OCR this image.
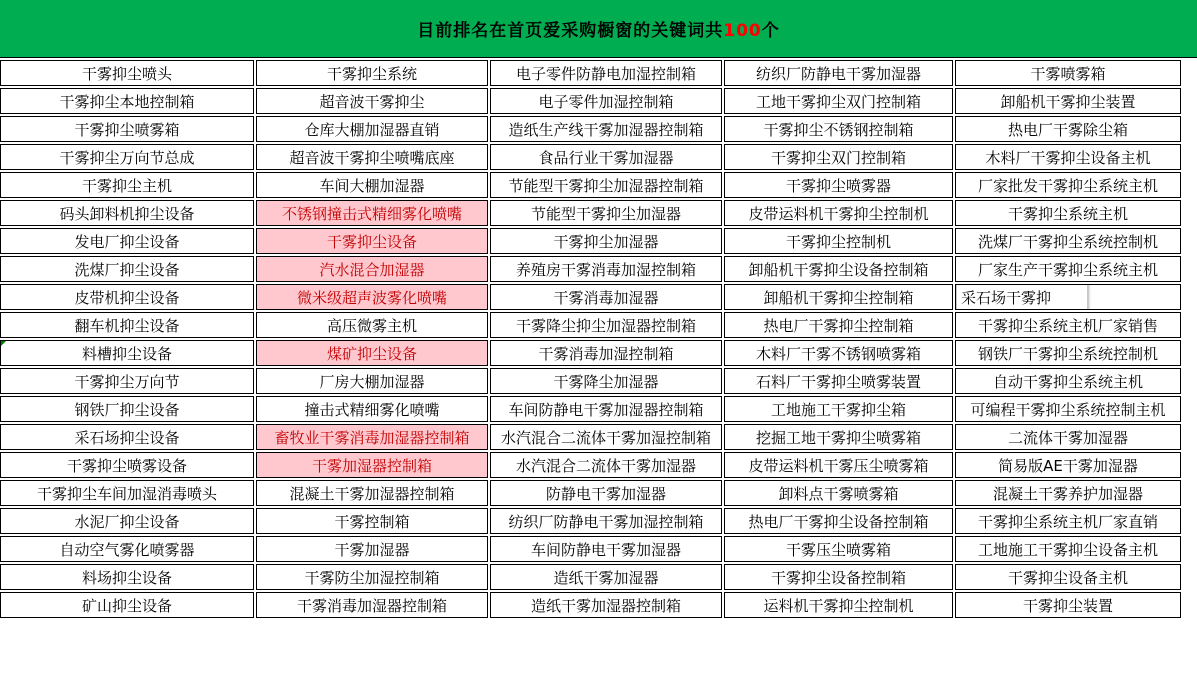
目前排名在首页爱采购橱窗的关键词共100个
干雾抑尘喷头	干雾抑尘系统	电子零件防静电加湿控制箱	纺织厂防静电干雾加湿器	干雾喷雾箱
干雾抑尘本地控制箱	超音波干雾抑尘	电子零件加湿控制箱	工地干雾抑尘双门控制箱	卸船机干雾抑尘装置
干雾抑尘喷雾箱	仓库大棚加湿器直销	造纸生产线干雾加湿器控制箱	干雾抑尘不锈钢控制箱	热电厂干雾除尘箱
干雾抑尘万向节总成	超音波干雾抑尘喷嘴底座	食品行业干雾加湿器	干雾抑尘双门控制箱	木料厂干雾抑尘设备主机
干雾抑尘主机	车间大棚加湿器	节能型干雾抑尘加湿器控制箱	干雾抑尘喷雾器	厂家批发干雾抑尘系统主机
码头卸料机抑尘设备	不锈钢撞击式精细雾化喷嘴	节能型干雾抑尘加湿器	皮带运料机干雾抑尘控制机	干雾抑尘系统主机
发电厂抑尘设备	干雾抑尘设备	干雾抑尘加湿器	干雾抑尘控制机	洗煤厂干雾抑尘系统控制机
洗煤厂抑尘设备	汽水混合加湿器	养殖房干雾消毒加湿控制箱	卸船机干雾抑尘设备控制箱	厂家生产干雾抑尘系统主机
皮带机抑尘设备	微米级超声波雾化喷嘴	干雾消毒加湿器	卸船机干雾抑尘控制箱	采石场干雾抑

翻车机抑尘设备	高压微雾主机	干雾降尘抑尘加湿器控制箱	热电厂干雾抑尘控制箱	干雾抑尘系统主机厂家销售
料槽抑尘设备	煤矿抑尘设备	干雾消毒加湿控制箱	木料厂干雾不锈钢喷雾箱	钢铁厂干雾抑尘系统控制机
干雾抑尘万向节	厂房大棚加湿器	干雾降尘加湿器	石料厂干雾抑尘喷雾装置	自动干雾抑尘系统主机
钢铁厂抑尘设备	撞击式精细雾化喷嘴	车间防静电干雾加湿器控制箱	工地施工干雾抑尘箱	可编程干雾抑尘系统控制主机
采石场抑尘设备	畜牧业干雾消毒加湿器控制箱	水汽混合二流体干雾加湿控制箱	挖掘工地干雾抑尘喷雾箱	二流体干雾加湿器
干雾抑尘喷雾设备	干雾加湿器控制箱	水汽混合二流体干雾加湿器	皮带运料机干雾压尘喷雾箱	简易版AE干雾加湿器
干雾抑尘车间加湿消毒喷头	混凝土干雾加湿器控制箱	防静电干雾加湿器	卸料点干雾喷雾箱	混凝土干雾养护加湿器
水泥厂抑尘设备	干雾控制箱	纺织厂防静电干雾加湿控制箱	热电厂干雾抑尘设备控制箱	干雾抑尘系统主机厂家直销
自动空气雾化喷雾器	干雾加湿器	车间防静电干雾加湿器	干雾压尘喷雾箱	工地施工干雾抑尘设备主机
料场抑尘设备	干雾防尘加湿控制箱	造纸干雾加湿器	干雾抑尘设备控制箱	干雾抑尘设备主机
矿山抑尘设备	干雾消毒加湿器控制箱	造纸干雾加湿器控制箱	运料机干雾抑尘控制机	干雾抑尘装置
